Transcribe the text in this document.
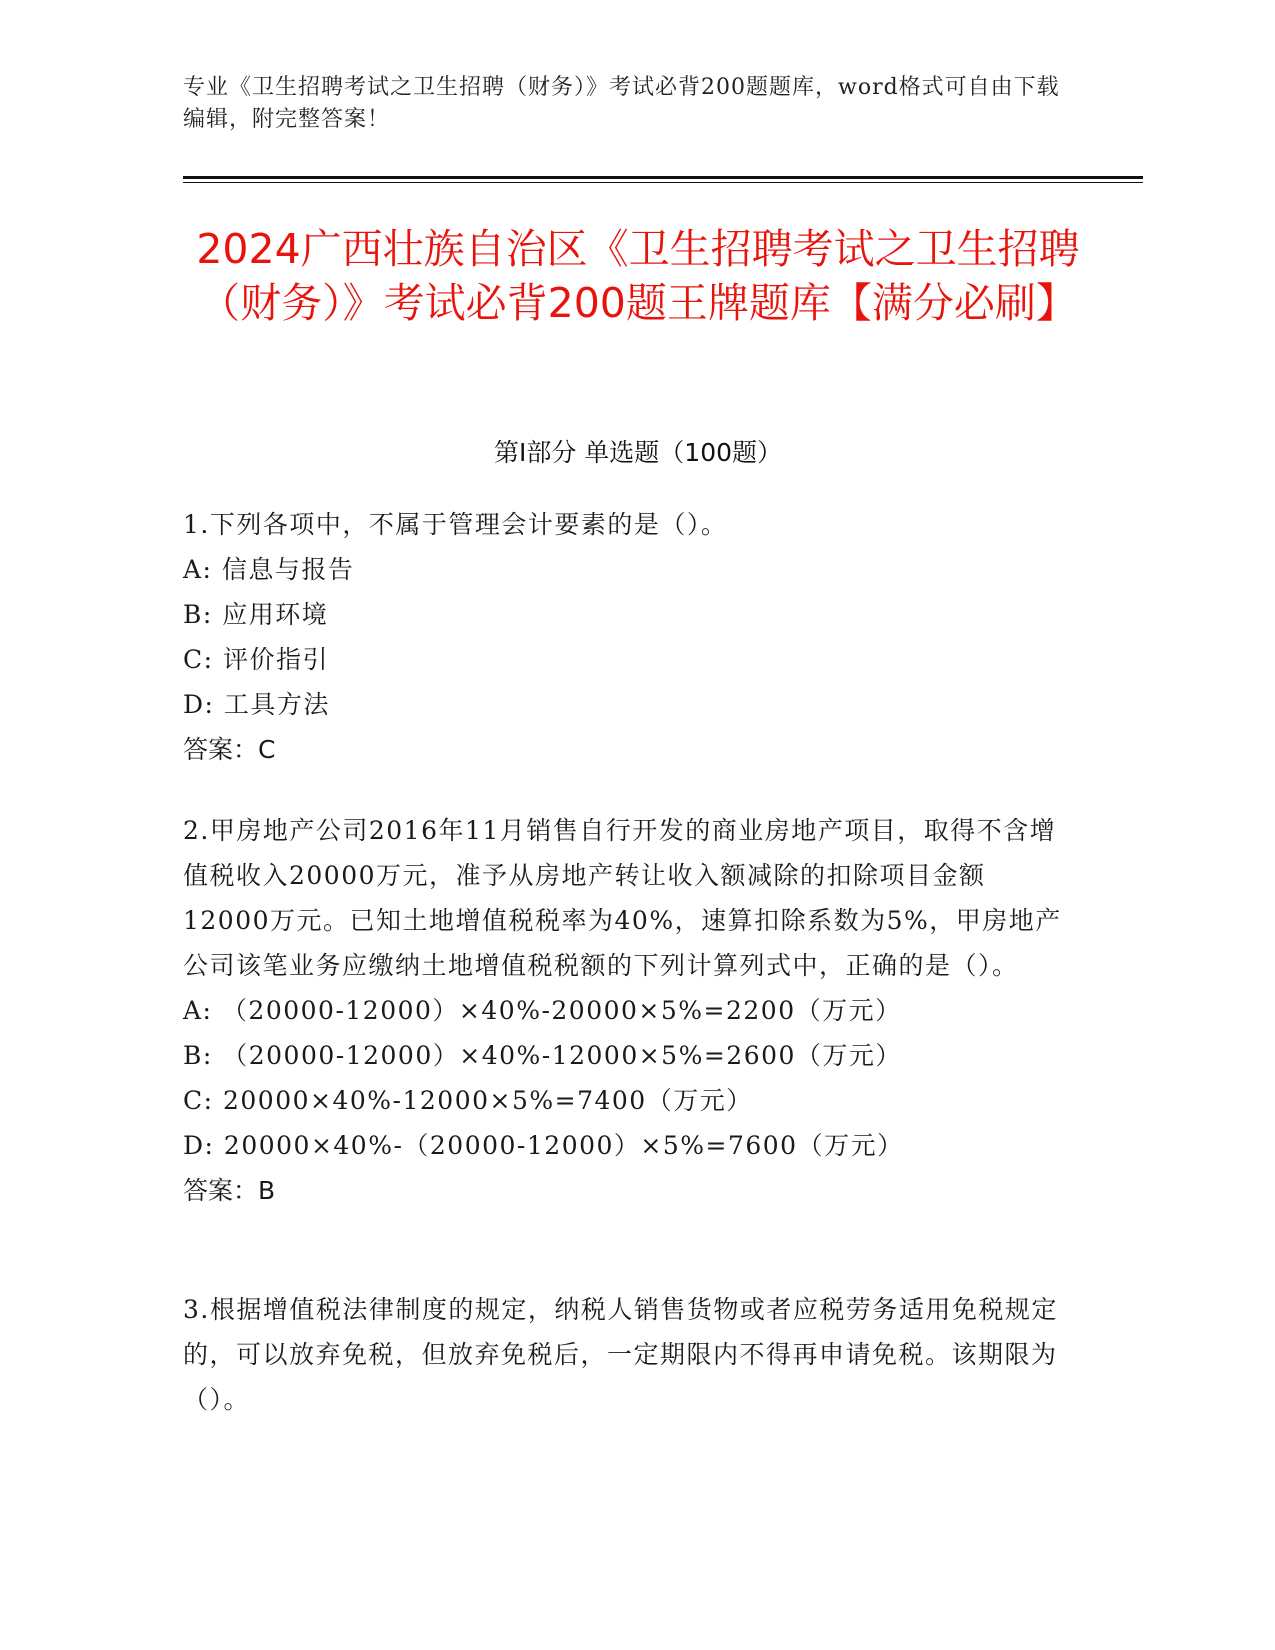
专业《卫生招聘考试之卫生招聘（财务）》考试必背200题题库，word格式可自由下载编辑，附完整答案！
2024广西壮族自治区《卫生招聘考试之卫生招聘（财务）》考试必背200题王牌题库【满分必刷】
第Ⅰ部分 单选题（100题）

1.下列各项中，不属于管理会计要素的是（）。

A: 信息与报告

B: 应用环境

C: 评价指引

D: 工具方法

答案：C

2.甲房地产公司2016年11月销售自行开发的商业房地产项目，取得不含增值税收入20000万元，准予从房地产转让收入额减除的扣除项目金额12000万元。已知土地增值税税率为40%，速算扣除系数为5%，甲房地产公司该笔业务应缴纳土地增值税税额的下列计算列式中，正确的是（）。

A: （20000-12000）×40%-20000×5%=2200（万元）

B: （20000-12000）×40%-12000×5%=2600（万元）

C: 20000×40%-12000×5%=7400（万元）

D: 20000×40%-（20000-12000）×5%=7600（万元）

答案：B

3.根据增值税法律制度的规定，纳税人销售货物或者应税劳务适用免税规定的，可以放弃免税，但放弃免税后，一定期限内不得再申请免税。该期限为（）。
